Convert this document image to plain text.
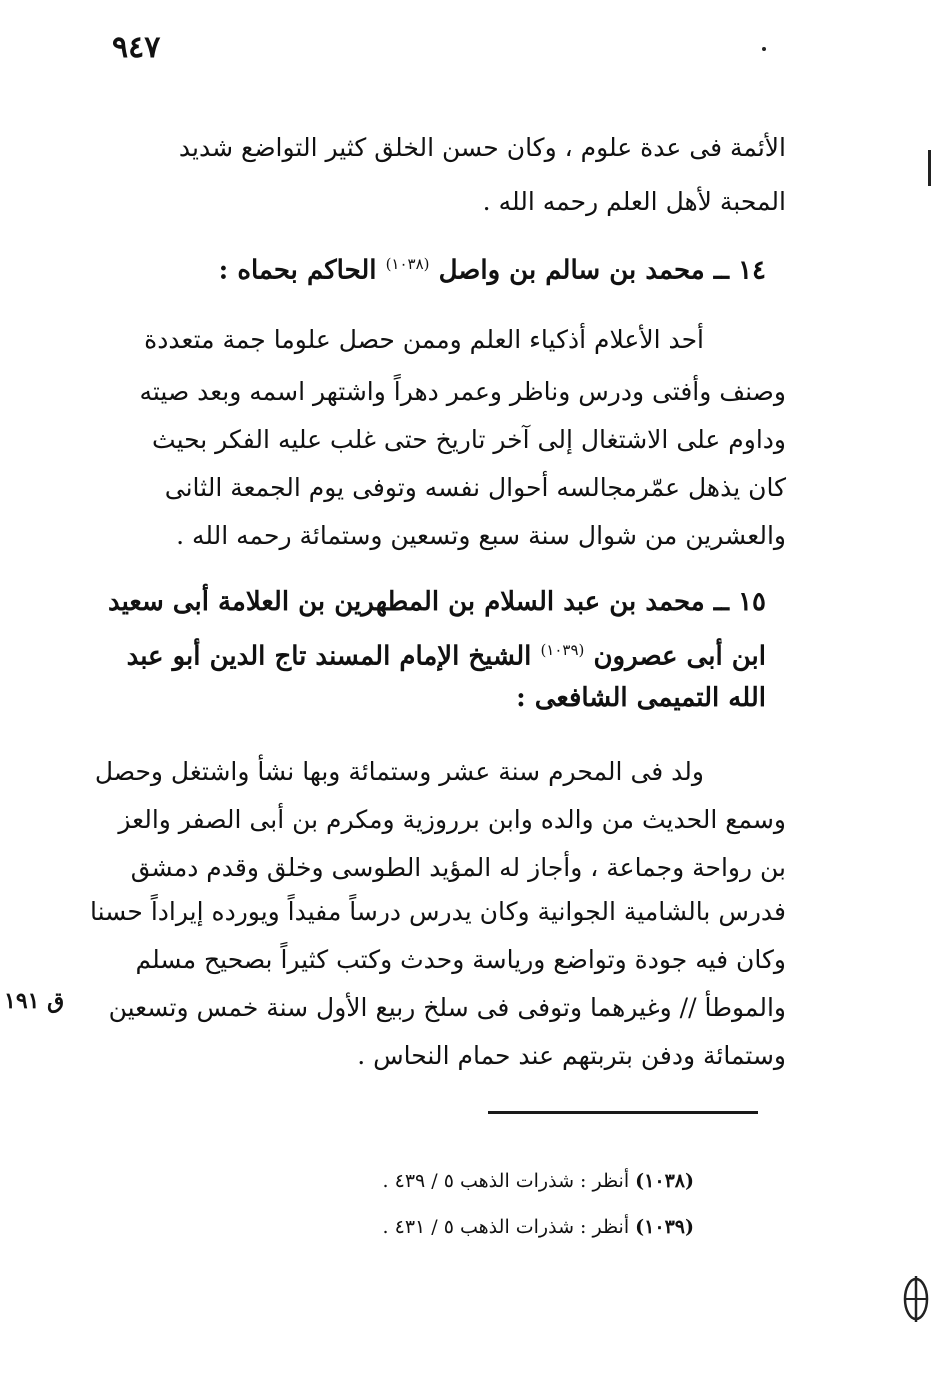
٩٤٧
الأئمة فى عدة علوم ، وكان حسن الخلق كثير التواضع شديد
المحبة لأهل العلم رحمه الله .
١٤ ــ محمد بن سالم بن واصل $^{(١٠٣٨)}$ الحاكم بحماه :
أحد الأعلام أذكياء العلم وممن حصل علوما جمة متعددة
وصنف وأفتى ودرس وناظر وعمر دهراً واشتهر اسمه وبعد صيته
وداوم على الاشتغال إلى آخر تاريخ حتى غلب عليه الفكر بحيث
كان يذهل عمّرمجالسه أحوال نفسه وتوفى يوم الجمعة الثانى
والعشرين من شوال سنة سبع وتسعين وستمائة رحمه الله .
١٥ ــ محمد بن عبد السلام بن المطهرين بن العلامة أبى سعيد
ابن أبى عصرون $^{(١٠٣٩)}$ الشيخ الإمام المسند تاج الدين أبو عبد
الله التميمى الشافعى :
ولد فى المحرم سنة عشر وستمائة وبها نشأ واشتغل وحصل
وسمع الحديث من والده وابن برروزية ومكرم بن أبى الصفر والعز
بن رواحة وجماعة ، وأجاز له المؤيد الطوسى وخلق وقدم دمشق
فدرس بالشامية الجوانية وكان يدرس درساً مفيداً ويورده إيراداً حسنا
وكان فيه جودة وتواضع ورياسة وحدث وكتب كثيراً بصحيح مسلم
والموطأ // وغيرهما وتوفى فى سلخ ربيع الأول سنة خمس وتسعين
وستمائة ودفن بتربتهم عند حمام النحاس .
ق ١٩١
(١٠٣٨) أنظر : شذرات الذهب ٥ / ٤٣٩ .
(١٠٣٩) أنظر : شذرات الذهب ٥ / ٤٣١ .
